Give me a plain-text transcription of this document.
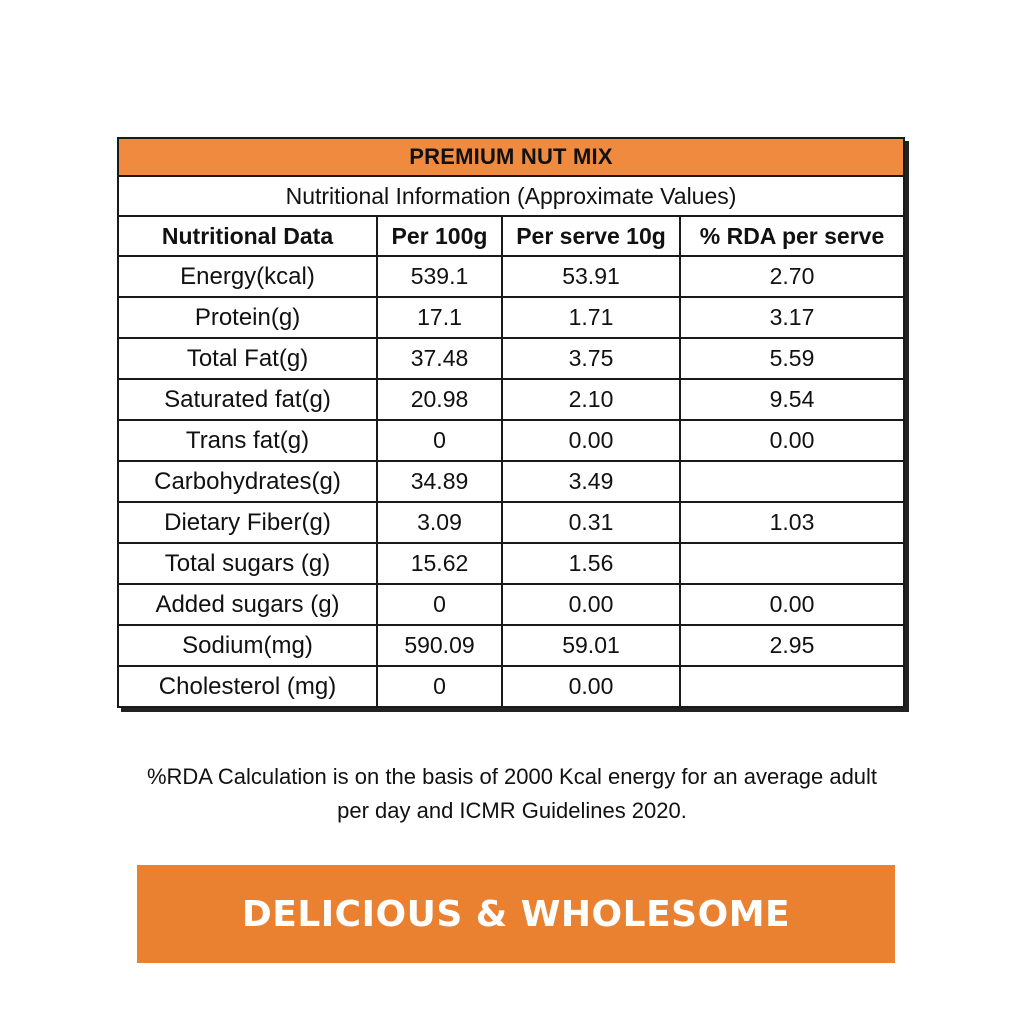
PREMIUM NUT MIX			
Nutritional Information (Approximate Values)			
Nutritional Data	Per 100g	Per serve 10g	% RDA per serve
Energy(kcal)	539.1	53.91	2.70
Protein(g)	17.1	1.71	3.17
Total Fat(g)	37.48	3.75	5.59
Saturated fat(g)	20.98	2.10	9.54
Trans fat(g)	0	0.00	0.00
Carbohydrates(g)	34.89	3.49	
Dietary Fiber(g)	3.09	0.31	1.03
Total sugars (g)	15.62	1.56	
Added sugars (g)	0	0.00	0.00
Sodium(mg)	590.09	59.01	2.95
Cholesterol (mg)	0	0.00	
%RDA Calculation is on the basis of 2000 Kcal energy for an average adult
per day and ICMR Guidelines 2020.
DELICIOUS & WHOLESOME
